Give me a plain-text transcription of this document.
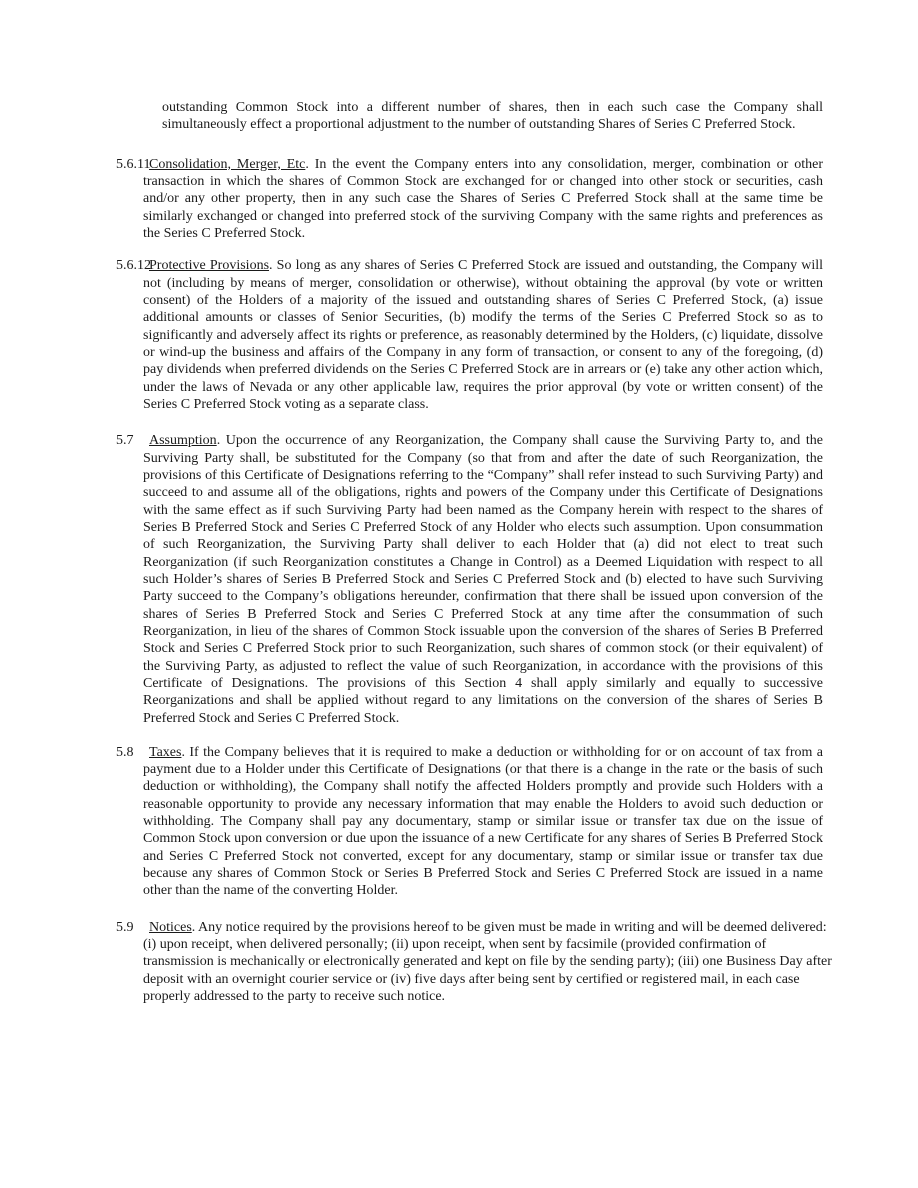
outstanding Common Stock into a different number of shares, then in each such case the Company shall simultaneously effect a proportional adjustment to the number of outstanding Shares of Series C Preferred Stock.
5.6.11
Consolidation, Merger, Etc. In the event the Company enters into any consolidation, merger, combination or other transaction in which the shares of Common Stock are exchanged for or changed into other stock or securities, cash and/or any other property, then in any such case the Shares of Series C Preferred Stock shall at the same time be similarly exchanged or changed into preferred stock of the surviving Company with the same rights and preferences as the Series C Preferred Stock.
5.6.12
Protective Provisions. So long as any shares of Series C Preferred Stock are issued and outstanding, the Company will not (including by means of merger, consolidation or otherwise), without obtaining the approval (by vote or written consent) of the Holders of a majority of the issued and outstanding shares of Series C Preferred Stock, (a) issue additional amounts or classes of Senior Securities, (b) modify the terms of the Series C Preferred Stock so as to significantly and adversely affect its rights or preference, as reasonably determined by the Holders, (c) liquidate, dissolve or wind-up the business and affairs of the Company in any form of transaction, or consent to any of the foregoing, (d) pay dividends when preferred dividends on the Series C Preferred Stock are in arrears or (e) take any other action which, under the laws of Nevada or any other applicable law, requires the prior approval (by vote or written consent) of the Series C Preferred Stock voting as a separate class.
5.7 Assumption. Upon the occurrence of any Reorganization, the Company shall cause the Surviving Party to, and the Surviving Party shall, be substituted for the Company (so that from and after the date of such Reorganization, the provisions of this Certificate of Designations referring to the “Company” shall refer instead to such Surviving Party) and succeed to and assume all of the obligations, rights and powers of the Company under this Certificate of Designations with the same effect as if such Surviving Party had been named as the Company herein with respect to the shares of Series B Preferred Stock and Series C Preferred Stock of any Holder who elects such assumption. Upon consummation of such Reorganization, the Surviving Party shall deliver to each Holder that (a) did not elect to treat such Reorganization (if such Reorganization constitutes a Change in Control) as a Deemed Liquidation with respect to all such Holder’s shares of Series B Preferred Stock and Series C Preferred Stock and (b) elected to have such Surviving Party succeed to the Company’s obligations hereunder, confirmation that there shall be issued upon conversion of the shares of Series B Preferred Stock and Series C Preferred Stock at any time after the consummation of such Reorganization, in lieu of the shares of Common Stock issuable upon the conversion of the shares of Series B Preferred Stock and Series C Preferred Stock prior to such Reorganization, such shares of common stock (or their equivalent) of the Surviving Party, as adjusted to reflect the value of such Reorganization, in accordance with the provisions of this Certificate of Designations. The provisions of this Section 4 shall apply similarly and equally to successive Reorganizations and shall be applied without regard to any limitations on the conversion of the shares of Series B Preferred Stock and Series C Preferred Stock.
5.8 Taxes. If the Company believes that it is required to make a deduction or withholding for or on account of tax from a payment due to a Holder under this Certificate of Designations (or that there is a change in the rate or the basis of such deduction or withholding), the Company shall notify the affected Holders promptly and provide such Holders with a reasonable opportunity to provide any necessary information that may enable the Holders to avoid such deduction or withholding. The Company shall pay any documentary, stamp or similar issue or transfer tax due on the issue of Common Stock upon conversion or due upon the issuance of a new Certificate for any shares of Series B Preferred Stock and Series C Preferred Stock not converted, except for any documentary, stamp or similar issue or transfer tax due because any shares of Common Stock or Series B Preferred Stock and Series C Preferred Stock are issued in a name other than the name of the converting Holder.
5.9 Notices. Any notice required by the provisions hereof to be given must be made in writing and will be deemed delivered: (i) upon receipt, when delivered personally; (ii) upon receipt, when sent by facsimile (provided confirmation of transmission is mechanically or electronically generated and kept on file by the sending party); (iii) one Business Day after deposit with an overnight courier service or (iv) five days after being sent by certified or registered mail, in each case properly addressed to the party to receive such notice.
